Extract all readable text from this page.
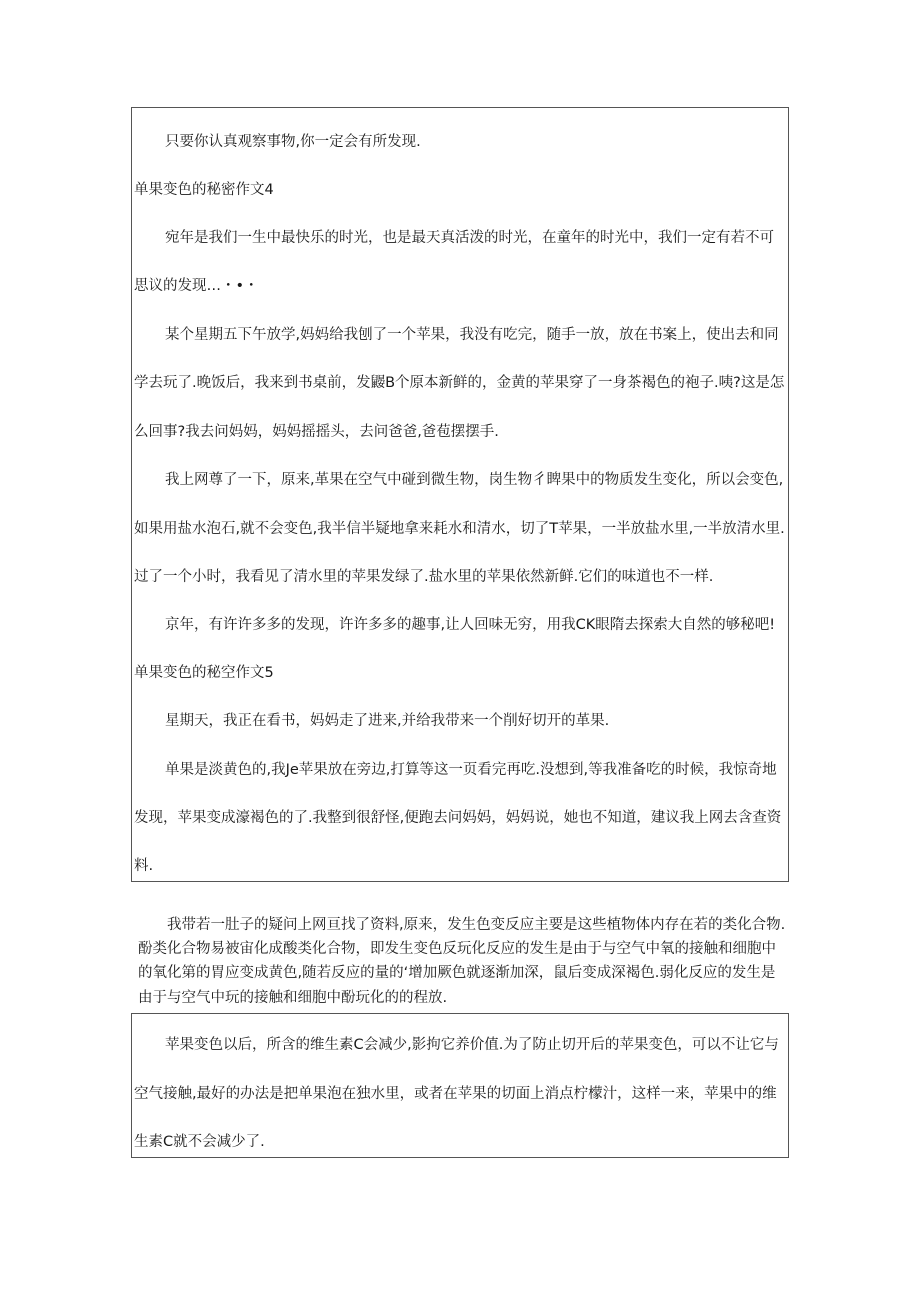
只要你认真观察事物,你一定会有所发现.
单果变色的秘密作文4
宛年是我们一生中最快乐的时光，也是最天真活泼的时光，在童年的时光中，我们一定有若不可
思议的发现…・•・
某个星期五下午放学,妈妈给我刨了一个苹果，我没有吃完，随手一放，放在书案上，使出去和同
学去玩了.晚饭后，我来到书桌前，发鼹B个原本新鲜的，金黄的苹果穿了一身茶褐色的袍子.咦?这是怎
么回事?我去问妈妈，妈妈摇摇头，去问爸爸,爸苞摆摆手.
我上网尊了一下，原来,革果在空气中碰到微生物，岗生物彳睥果中的物质发生变化，所以会变色,
如果用盐水泡石,就不会变色,我半信半疑地拿来耗水和清水，切了T苹果，一半放盐水里,一半放清水里.
过了一个小时，我看见了清水里的苹果发绿了.盐水里的苹果依然新鲜.它们的味道也不一样.
京年，有许许多多的发现，许许多多的趣事,让人回味无穷，用我CK眼隋去探索大自然的够秘吧!
单果变色的秘空作文5
星期天，我正在看书，妈妈走了进来,并给我带来一个削好切开的革果.
单果是淡黄色的,我Je苹果放在旁边,打算等这一页看完再吃.没想到,等我准备吃的时候，我惊奇地
发现，苹果变成濠褐色的了.我整到很舒怪,便跑去问妈妈，妈妈说，她也不知道，建议我上网去含查资
料.
我带若一肚子的疑问上网亘找了资料,原来，发生色变反应主要是这些植物体内存在若的类化合物.
酚类化合物易被宙化成酸类化合物，即发生变色反玩化反应的发生是由于与空气中氧的接触和细胞中
的氧化第的胃应变成黄色,随若反应的量的‘增加厥色就逐渐加深，鼠后变成深褐色.弱化反应的发生是
由于与空气中玩的接触和细胞中酚玩化的的程放.
苹果变色以后，所含的维生素C会减少,影拘它养价值.为了防止切开后的苹果变色，可以不让它与
空气接触,最好的办法是把单果泡在独水里，或者在苹果的切面上消点柠檬汁，这样一来，苹果中的维
生素C就不会减少了.
